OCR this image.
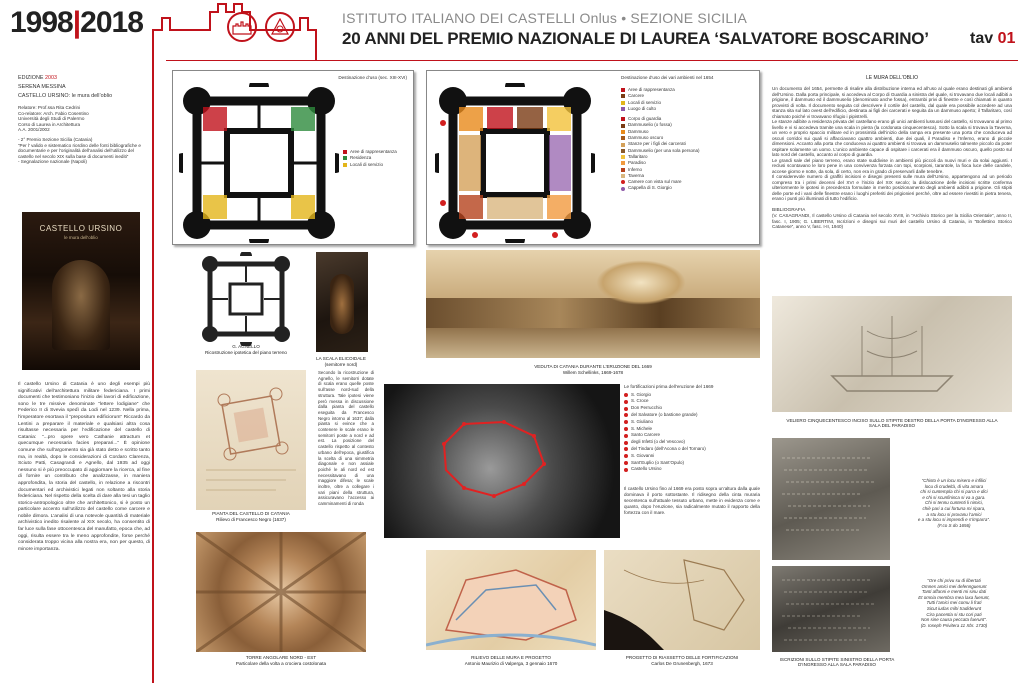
1998|2018	ISTITUTO ITALIANO DEI CASTELLI Onlus • SEZIONE SICILIA
20 ANNI DEL PREMIO NAZIONALE DI LAUREA ‘SALVATORE BOSCARINO’	tav 01
EDIZIONE 2003
SERENA MESSINA
CASTELLO URSINO: le mura dell’oblio
Relatore: Prof.ssa Rita Cedrini
Co-relatore: Arch. Fabio Cosentino
Università degli Studi di Palermo
Corso di Laurea in Architettura
A.A. 2001/2002
- 2° Premio Sezione Sicilia (Catania)
“Per l’ valido e sistematico riordino delle fonti bibliografiche e documentarie e per l’originalità dell’analisi dell’utilizzo del castello nel secolo XIX sulla base di documenti inediti”
- Segnalazione nazionale (Napoli)
CASTELLO URSINO
le mura dell'oblio
Il castello Ursino di Catania è uno degli esempi più significativi dell’architettura militare federiciana. I primi documenti che testimoniano l’inizio dei lavori di edificazione, sono le tre missive denominate “lettere lodigiane” che Federico II di Svevia spedì da Lodi nel 1239. Nella prima, l’imperatore esortava il “prepositum edificiorum” Riccardo da Lentini a preparare il materiale e qualsiasi altra cosa risultasse necessaria per l’edificazione del castello di Catania: “...pro opere vero Cathanie attractum et quecumque necessaria facies preparari...” È opinione comune che sull’argomento sia già stato detto e scritto tanto ma, in realtà, dopo le considerazioni di Cordaro Clarenza, Sciuto Patti, Casagrandi e Agnello, dal 1935 ad oggi nessuno si è più preoccupato di aggiornare la ricerca, al fine di fornire un contributo che analizzasse, in maniera approfondita, la storia del castello, in relazione a riscontri documentari ed archivistici legati non soltanto alla storia federiciana. Nel rispetto della scelta di dare alla tesi un taglio storico-antropologico oltre che architettonico, si è posto un particolare accento sull’utilizzo del castello come carcere e nobile dimora. L’analisi di una notevole quantità di materiale archivistico inedito risalente al XIX secolo, ha consentito di far luce sulla fase ottocentesca del manufatto, epoca che, ad oggi, risulta essere tra le meno approfondite, forse perché considerata troppo vicina alla nostra era, non per questo, di minore importanza.
Destinazione d’uso (sec. XIII-XVI)
Aree di rappresentanza
Residenza
Locali di servizio
Destinazione d’uso dei vari ambienti nel 1654
Aree di rappresentanza
Carcere
Locali di servizio
Luogo di culto
Corpo di guardia
Dammuselio (o fossa)
Dammuso
Dammuso oscuro
Stanze per i figli dei carcerati
Dammuselio (per una sola persona)
Tallaritaro
Paradiso
Inferno
Taverna
Camere con vista sul mare
Cappella di S. Giorgio
G. AGNELLO
Ricostruzione ipotetica del piano terreno
LA SCALA ELICOIDALE
(semitorre nord)
Secondo la ricostruzione di Agnello, le semitorri dotate di scala erano quelle poste sull’asse nord-sud della struttura. Tale ipotesi viene però messa in discussione dalla pianta del castello eseguita da Francesco Negro intorno al 1637; dalla pianta si evince che a contenere le scale erano le semitorri poste a nord e ad est. La posizione del castello rispetto al contesto urbano dell’epoca, giustifica la scelta di una simmetria diagonale e non assiale poiché le ali nord ed est necessitavano di una maggiore difesa; le scale inoltre, oltre a collegare i vari piani della struttura, assicuravano l’accesso ai camminamenti di ronda
PIANTA DEL CASTELLO DI CATANIA
Rilievo di Francesco Negro (1637)
VEDUTA DI CATANIA DURANTE L’ERUZIONE DEL 1669
Willem Schellinks, 1669-1678
Le fortificazioni prima dell’eruzione del 1669
S. Giorgio
S. Croce
Don Perrucchio
del Salvatore (o bastione grande)
S. Giuliano
S. Michele
Santo Carcere
degli Infetti (o del Vescovo)
del Tindaro (dell’Acona o del Tornaro)
S. Giovanni
Sant’Euplio (o Sant’Opulo)
Castello Ursino
Il castello Ursino fino al 1669 era posto sopra un’altura dalla quale dominava il porto sottostante. Il ridisegno della cinta muraria secentesca sull’attuale tessuto urbano, mette in evidenza come e quanto, dopo l’eruzione, sia radicalmente mutato il rapporto della fortezza con il mare.
TORRE ANGOLARE NORD - EST
Particolare della volta a crociera costolonata
RILIEVO DELLE MURA E PROGETTO
Antonio Maurizio di Valperga, 3 gennaio 1670
PROGETTO DI RIASSETTO DELLE FORTIFICAZIONI
Carlos De Grunenbergh, 1673
LE MURA DELL’OBLIO
Un documento del 1654, permette di risalire alla distribuzione interna ed all’uso al quale erano destinati gli ambienti dell’Ursino. Dalla porta principale, si accedeva al Corpo di Guardia a sinistra del quale, si trovavano due locali adibiti a prigione, il dammuso ed il dammuselio (denominato anche fossa), entrambi privi di finestre e così chiamati in quanto provvisti di volta. Il documento seguita col descrivere il cortile del castello, dal quale era possibile accedere ad una stanza sita sul lato ovest dell’edificio, destinata ai figli dei carcerati e seguita da un dammuso aperto; il Tallaritaro, così chiamato poiché vi trovavano rifugio i pipistrelli.
Le stanze adibite a residenza privata del castellano erano gli unici ambienti lussuosi del castello, si trovavano al primo livello e vi si accedeva tramite una scala in pietra (la cordonata cinquecentesca). Sotto la scala si trovava la Taverna, un vero e proprio spaccio militare ed in prossimità dell’inizio della rampa era presente una porta che conduceva ad oscuri corridoi sui quali si affacciavano quattro ambienti, due dei quali, il Paradiso e l’Inferno, erano di piccole dimensioni. Accanto alla porta che conduceva ai quattro ambienti si trovava un dammuselio talmente piccolo da poter ospitare solamente un uomo. L’unico ambiente capace di ospitare i carcerati era il dammuso oscuro, quello posto sul lato nord del castello, accanto al corpo di guardia.
Le grandi sale del piano terreno, erano state suddivise in ambienti più piccoli da nuovi muri e da solai aggiunti. I reclusi scontavano le loro pene in una convivenza forzata con topi, scorpioni, tarantole, la fioca luce delle candele, accese giorno e notte, da sola, di certo, non era in grado di preservarli dalle tenebre.
Il considerevole numero di graffiti incisioni e disegni presenti sulle mura dell’Ursino, appartengono ad un periodo compreso tra i primi decenni del XVI e l’inizio del XIX secolo; la dislocazione delle incisioni scritte conferma ulteriormente le ipotesi in precedenza formulate in merito posizionamento degli ambienti adibiti a prigione. Gli stipiti delle porte ed i vani delle finestre erano i luoghi preferiti dei prigionieri perché, oltre ad essere rivestiti in pietra tenera, erano i punti più illuminati di tutto l’edificio.
BIBLIOGRAFIA
(V. CASAGRANDI, Il castello Ursino di Catania nel secolo XVIII, in “Archivio Storico per la Sicilia Orientale”, anno II, fasc. I, 1905; G. LIBERTINI, Iscrizioni e disegni sui muri del castello Ursino di Catania, in “Bollettino Storico Catanese”, anno V, fasc. I-II, 1940)
VELIERO CINQUECENTESCO INCISO SULLO STIPITE DESTRO DELLA PORTA D’INGRESSO ALLA SALA DEL PARADISO
“Chisto è un locu misero e infilici
locu di crudeltà, di vita amara
chi si cuntempla chi si parra e dici
e chi si scunfinisca si va a gara.
Chi si tennu cuntenti li nimici,
chiè pari a cui fortuna mi ripara,
a stu locu si provanu l’amici
e a stu locu si imprendi e s’imparra”.
(F.co S do 1656)
“Ore chi privu su di libertati
Omnes amici mei defennguerunt
Tanti affanni e menti mi sinu dati
Et omnia membra mea laxa fuerunt,
Tutti l’amici mei comu li frati
Sicut iudas mihi tradiderunt
Cira pacentia si stu cori pati
Non sine causa peccata fuerunt”.
(D. Ioseph Privitera 11 Xbr. 1730)
ISCRIZIONI SULLO STIPITE SINISTRO DELLA PORTA D’INGRESSO ALLA SALA PARADISO
